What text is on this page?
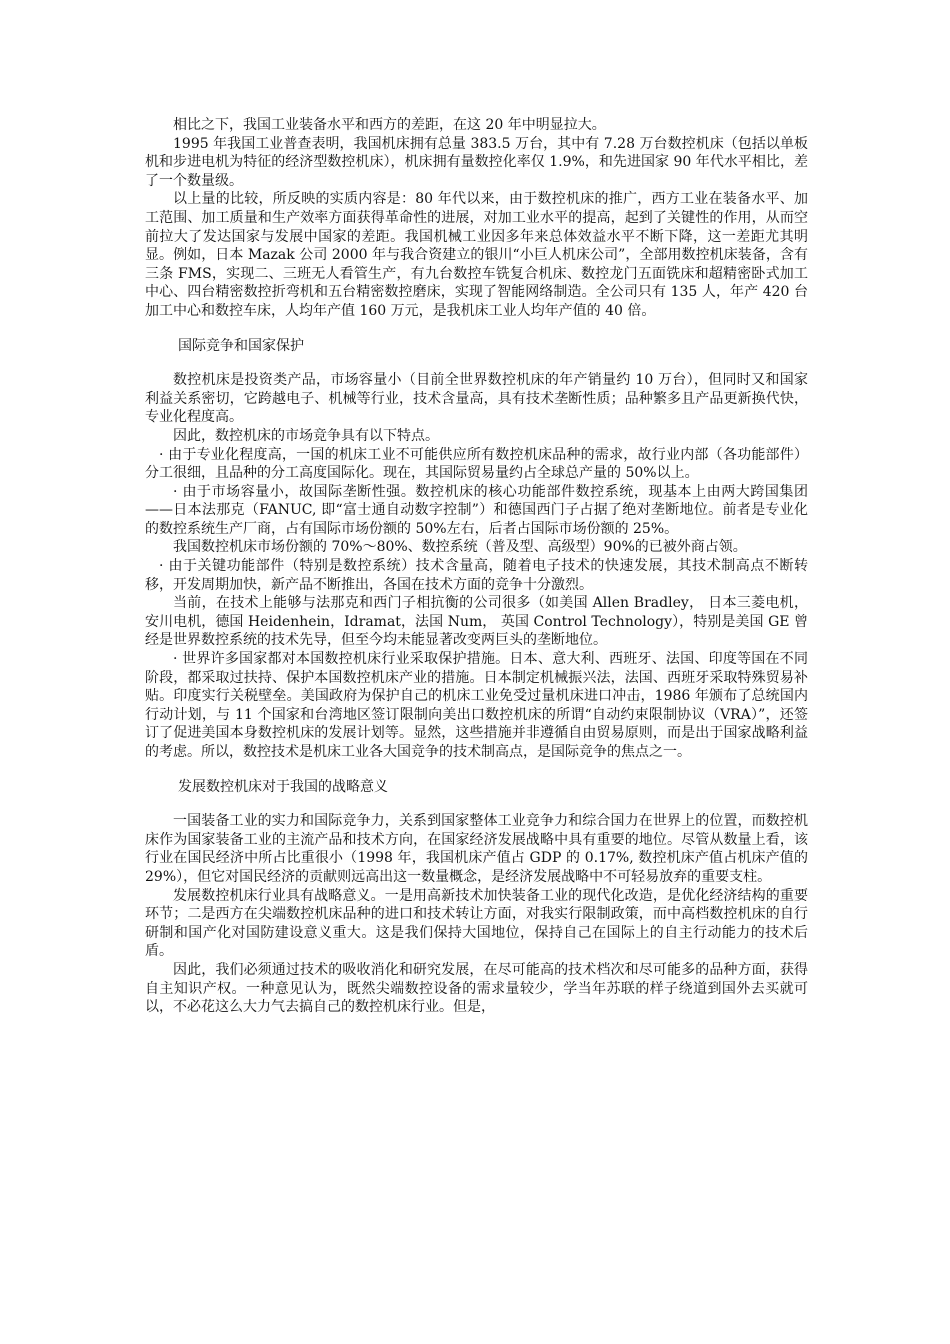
相比之下，我国工业装备水平和西方的差距，在这 20 年中明显拉大。

1995 年我国工业普查表明，我国机床拥有总量 383.5 万台，其中有 7.28 万台数控机床（包括以单板机和步进电机为特征的经济型数控机床），机床拥有量数控化率仅 1.9%，和先进国家 90 年代水平相比，差了一个数量级。

以上量的比较，所反映的实质内容是：80 年代以来，由于数控机床的推广，西方工业在装备水平、加工范围、加工质量和生产效率方面获得革命性的进展，对加工业水平的提高，起到了关键性的作用，从而空前拉大了发达国家与发展中国家的差距。我国机械工业因多年来总体效益水平不断下降，这一差距尤其明显。例如，日本 Mazak 公司 2000 年与我合资建立的银川“小巨人机床公司”，全部用数控机床装备，含有三条 FMS，实现二、三班无人看管生产，有九台数控车铣复合机床、数控龙门五面铣床和超精密卧式加工中心、四台精密数控折弯机和五台精密数控磨床，实现了智能网络制造。全公司只有 135 人，年产 420 台加工中心和数控车床，人均年产值 160 万元，是我机床工业人均年产值的 40 倍。

国际竞争和国家保护

数控机床是投资类产品，市场容量小（目前全世界数控机床的年产销量约 10 万台），但同时又和国家利益关系密切，它跨越电子、机械等行业，技术含量高，具有技术垄断性质；品种繁多且产品更新换代快，专业化程度高。

因此，数控机床的市场竞争具有以下特点。

· 由于专业化程度高，一国的机床工业不可能供应所有数控机床品种的需求，故行业内部（各功能部件）分工很细，且品种的分工高度国际化。现在，其国际贸易量约占全球总产量的 50%以上。

· 由于市场容量小，故国际垄断性强。数控机床的核心功能部件数控系统，现基本上由两大跨国集团——日本法那克（FANUC, 即“富士通自动数字控制”）和德国西门子占据了绝对垄断地位。前者是专业化的数控系统生产厂商，占有国际市场份额的 50%左右，后者占国际市场份额的 25%。

我国数控机床市场份额的 70%～80%、数控系统（普及型、高级型）90%的已被外商占领。

· 由于关键功能部件（特别是数控系统）技术含量高，随着电子技术的快速发展，其技术制高点不断转移，开发周期加快，新产品不断推出，各国在技术方面的竞争十分激烈。

当前，在技术上能够与法那克和西门子相抗衡的公司很多（如美国 Allen Bradley， 日本三菱电机，安川电机，德国 Heidenhein，Idramat，法国 Num， 英国 Control Technology），特别是美国 GE 曾经是世界数控系统的技术先导，但至今均未能显著改变两巨头的垄断地位。

· 世界许多国家都对本国数控机床行业采取保护措施。日本、意大利、西班牙、法国、印度等国在不同阶段，都采取过扶持、保护本国数控机床产业的措施。日本制定机械振兴法，法国、西班牙采取特殊贸易补贴。印度实行关税壁垒。美国政府为保护自己的机床工业免受过量机床进口冲击，1986 年颁布了总统国内行动计划，与 11 个国家和台湾地区签订限制向美出口数控机床的所谓“自动约束限制协议（VRA）”，还签订了促进美国本身数控机床的发展计划等。显然，这些措施并非遵循自由贸易原则，而是出于国家战略利益的考虑。所以，数控技术是机床工业各大国竞争的技术制高点，是国际竞争的焦点之一。

发展数控机床对于我国的战略意义

一国装备工业的实力和国际竞争力，关系到国家整体工业竞争力和综合国力在世界上的位置，而数控机床作为国家装备工业的主流产品和技术方向，在国家经济发展战略中具有重要的地位。尽管从数量上看，该行业在国民经济中所占比重很小（1998 年，我国机床产值占 GDP 的 0.17%, 数控机床产值占机床产值的 29%），但它对国民经济的贡献则远高出这一数量概念，是经济发展战略中不可轻易放弃的重要支柱。

发展数控机床行业具有战略意义。一是用高新技术加快装备工业的现代化改造，是优化经济结构的重要环节；二是西方在尖端数控机床品种的进口和技术转让方面，对我实行限制政策，而中高档数控机床的自行研制和国产化对国防建设意义重大。这是我们保持大国地位，保持自己在国际上的自主行动能力的技术后盾。

因此，我们必须通过技术的吸收消化和研究发展，在尽可能高的技术档次和尽可能多的品种方面，获得自主知识产权。一种意见认为，既然尖端数控设备的需求量较少，学当年苏联的样子绕道到国外去买就可以，不必花这么大力气去搞自己的数控机床行业。但是，
